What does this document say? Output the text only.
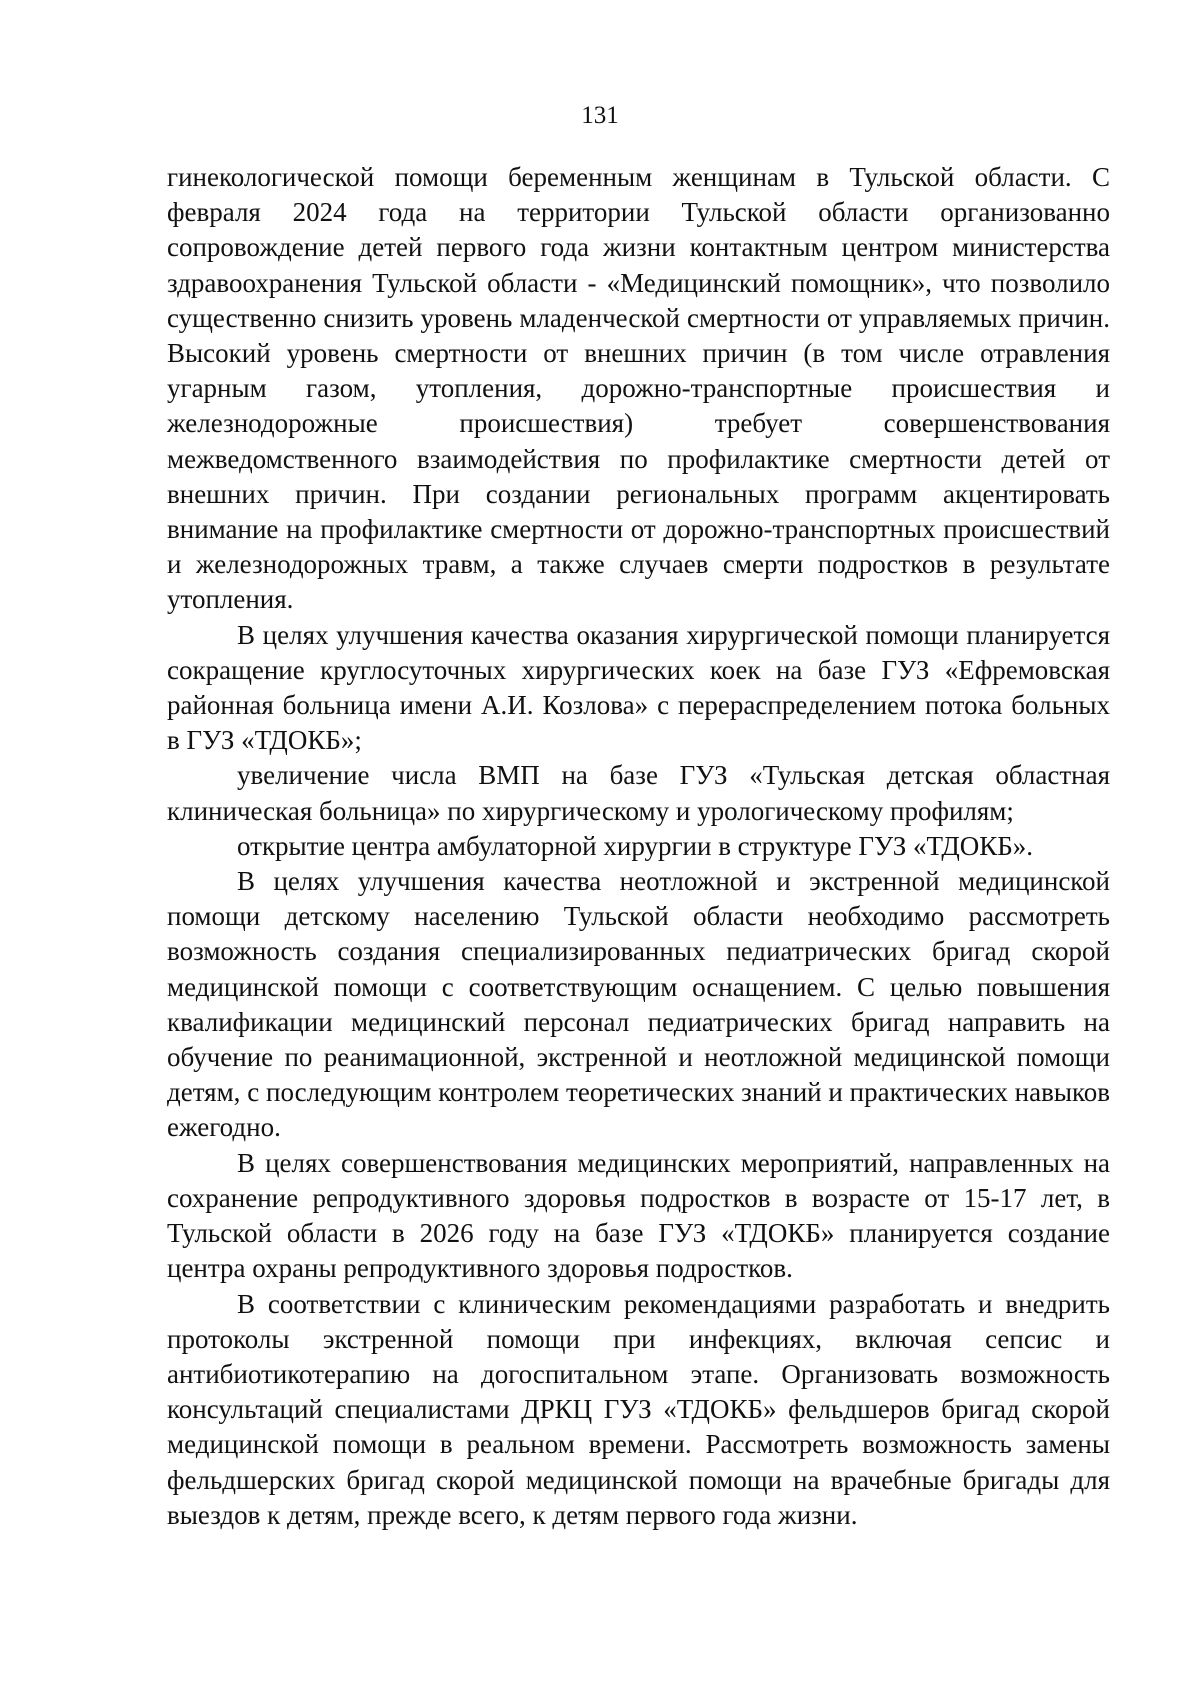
131

гинекологической помощи беременным женщинам в Тульской области. С февраля 2024 года на территории Тульской области организованно сопровождение детей первого года жизни контактным центром министерства здравоохранения Тульской области - «Медицинский помощник», что позволило существенно снизить уровень младенческой смертности от управляемых причин. Высокий уровень смертности от внешних причин (в том числе отравления угарным газом, утопления, дорожно-транспортные происшествия и железнодорожные происшествия) требует совершенствования межведомственного взаимодействия по профилактике смертности детей от внешних причин. При создании региональных программ акцентировать внимание на профилактике смертности от дорожно-транспортных происшествий и железнодорожных травм, а также случаев смерти подростков в результате утопления.

В целях улучшения качества оказания хирургической помощи планируется сокращение круглосуточных хирургических коек на базе ГУЗ «Ефремовская районная больница имени А.И. Козлова» с перераспределением потока больных в ГУЗ «ТДОКБ»;

увеличение числа ВМП на базе ГУЗ «Тульская детская областная клиническая больница» по хирургическому и урологическому профилям;

открытие центра амбулаторной хирургии в структуре ГУЗ «ТДОКБ».

В целях улучшения качества неотложной и экстренной медицинской помощи детскому населению Тульской области необходимо рассмотреть возможность создания специализированных педиатрических бригад скорой медицинской помощи с соответствующим оснащением. С целью повышения квалификации медицинский персонал педиатрических бригад направить на обучение по реанимационной, экстренной и неотложной медицинской помощи детям, с последующим контролем теоретических знаний и практических навыков ежегодно.

В целях совершенствования медицинских мероприятий, направленных на сохранение репродуктивного здоровья подростков в возрасте от 15-17 лет, в Тульской области в 2026 году на базе ГУЗ «ТДОКБ» планируется создание центра охраны репродуктивного здоровья подростков.

В соответствии с клиническим рекомендациями разработать и внедрить протоколы экстренной помощи при инфекциях, включая сепсис и антибиотикотерапию на догоспитальном этапе. Организовать возможность консультаций специалистами ДРКЦ ГУЗ «ТДОКБ» фельдшеров бригад скорой медицинской помощи в реальном времени. Рассмотреть возможность замены фельдшерских бригад скорой медицинской помощи на врачебные бригады для выездов к детям, прежде всего, к детям первого года жизни.
